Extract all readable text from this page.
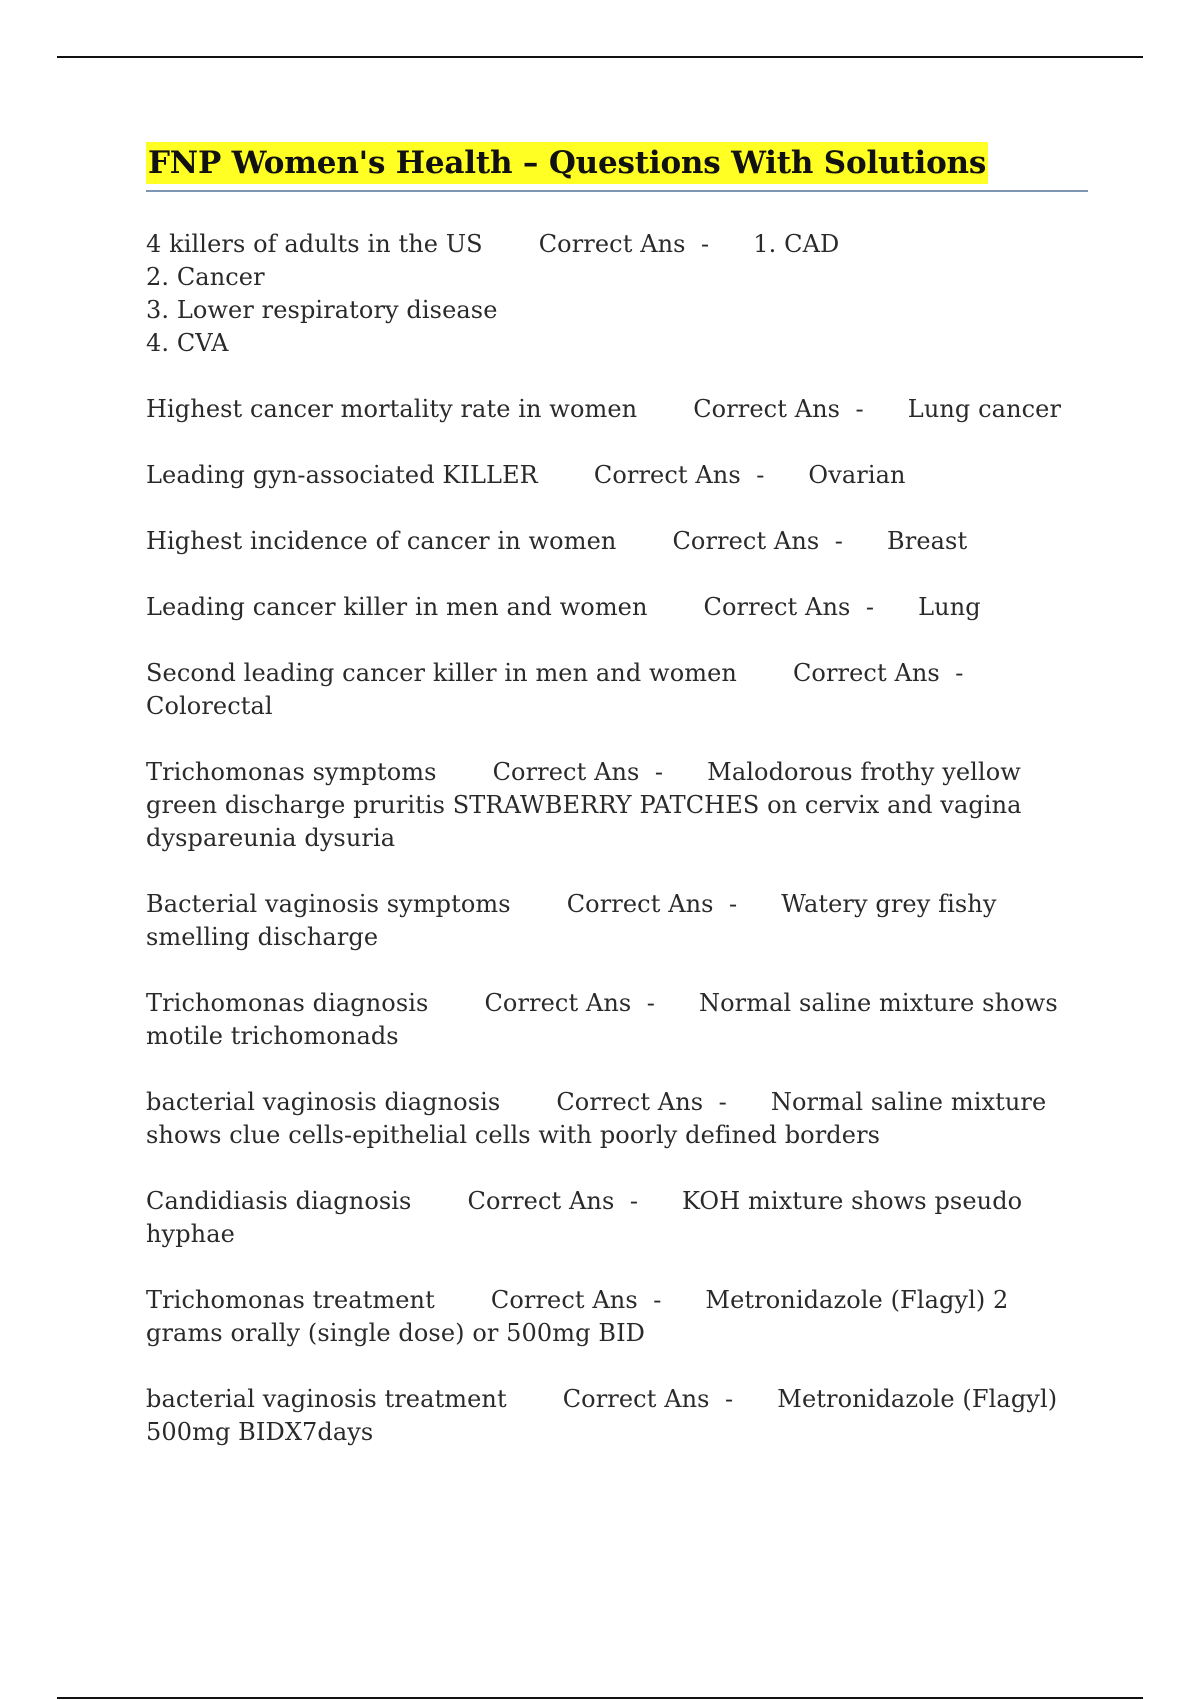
FNP Women's Health – Questions With Solutions
4 killers of adults in the US Correct Ans  - 1. CAD
2. Cancer
3. Lower respiratory disease
4. CVA
Highest cancer mortality rate in women Correct Ans  - Lung cancer
Leading gyn-associated KILLER Correct Ans  - Ovarian
Highest incidence of cancer in women Correct Ans  - Breast
Leading cancer killer in men and women Correct Ans  - Lung
Second leading cancer killer in men and women Correct Ans  -Colorectal
Trichomonas symptoms Correct Ans  - Malodorous frothy yellow green discharge pruritis STRAWBERRY PATCHES on cervix and vagina dyspareunia dysuria
Bacterial vaginosis symptoms Correct Ans  - Watery grey fishy smelling discharge
Trichomonas diagnosis Correct Ans  - Normal saline mixture shows motile trichomonads
bacterial vaginosis diagnosis Correct Ans  - Normal saline mixture shows clue cells-epithelial cells with poorly defined borders
Candidiasis diagnosis Correct Ans  - KOH mixture shows pseudo hyphae
Trichomonas treatment Correct Ans  - Metronidazole (Flagyl) 2 grams orally (single dose) or 500mg BID
bacterial vaginosis treatment Correct Ans  - Metronidazole (Flagyl) 500mg BIDX7days
